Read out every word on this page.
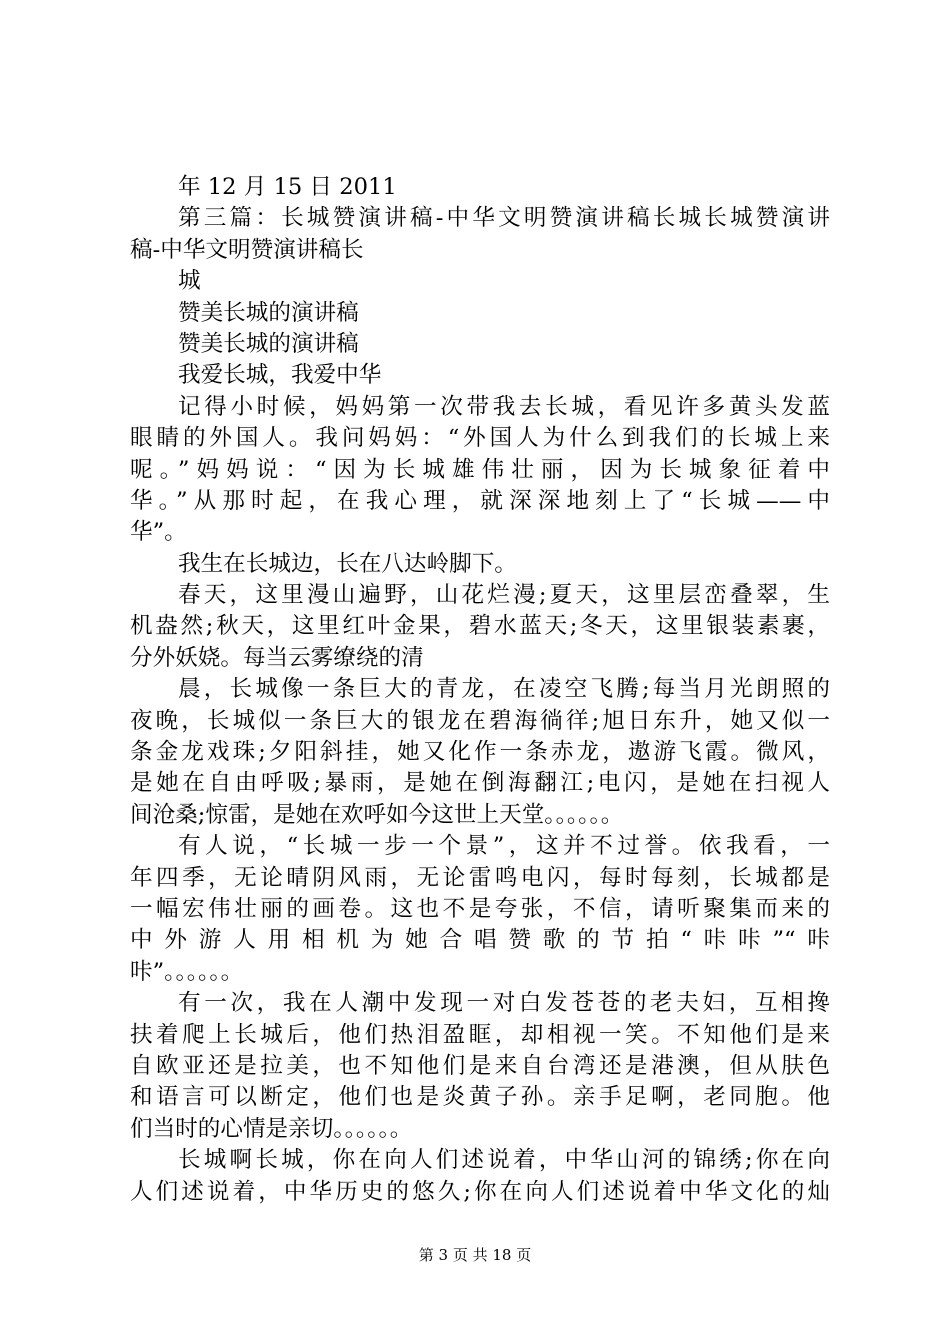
年 12 月 15 日 2011
第三篇：长城赞演讲稿-中华文明赞演讲稿长城长城赞演讲
稿-中华文明赞演讲稿长
城
赞美长城的演讲稿
赞美长城的演讲稿
我爱长城，我爱中华
记得小时候，妈妈第一次带我去长城，看见许多黄头发蓝
眼睛的外国人。我问妈妈：“外国人为什么到我们的长城上来
呢。”妈妈说：“因为长城雄伟壮丽，因为长城象征着中
华。”从那时起，在我心理，就深深地刻上了“长城——中
华”。
我生在长城边，长在八达岭脚下。
春天，这里漫山遍野，山花烂漫;夏天，这里层峦叠翠，生
机盎然;秋天，这里红叶金果，碧水蓝天;冬天，这里银装素裹，
分外妖娆。每当云雾缭绕的清
晨，长城像一条巨大的青龙，在凌空飞腾;每当月光朗照的
夜晚，长城似一条巨大的银龙在碧海徜徉;旭日东升，她又似一
条金龙戏珠;夕阳斜挂，她又化作一条赤龙，遨游飞霞。微风，
是她在自由呼吸;暴雨，是她在倒海翻江;电闪，是她在扫视人
间沧桑;惊雷，是她在欢呼如今这世上天堂。。。。。。
有人说，“长城一步一个景”，这并不过誉。依我看，一
年四季，无论晴阴风雨，无论雷鸣电闪，每时每刻，长城都是
一幅宏伟壮丽的画卷。这也不是夸张，不信，请听聚集而来的
中外游人用相机为她合唱赞歌的节拍“咔咔”“咔
咔”。。。。。。
有一次，我在人潮中发现一对白发苍苍的老夫妇，互相搀
扶着爬上长城后，他们热泪盈眶，却相视一笑。不知他们是来
自欧亚还是拉美，也不知他们是来自台湾还是港澳，但从肤色
和语言可以断定，他们也是炎黄子孙。亲手足啊，老同胞。他
们当时的心情是亲切。。。。。。
长城啊长城，你在向人们述说着，中华山河的锦绣;你在向
人们述说着，中华历史的悠久;你在向人们述说着中华文化的灿
第 3 页 共 18 页
